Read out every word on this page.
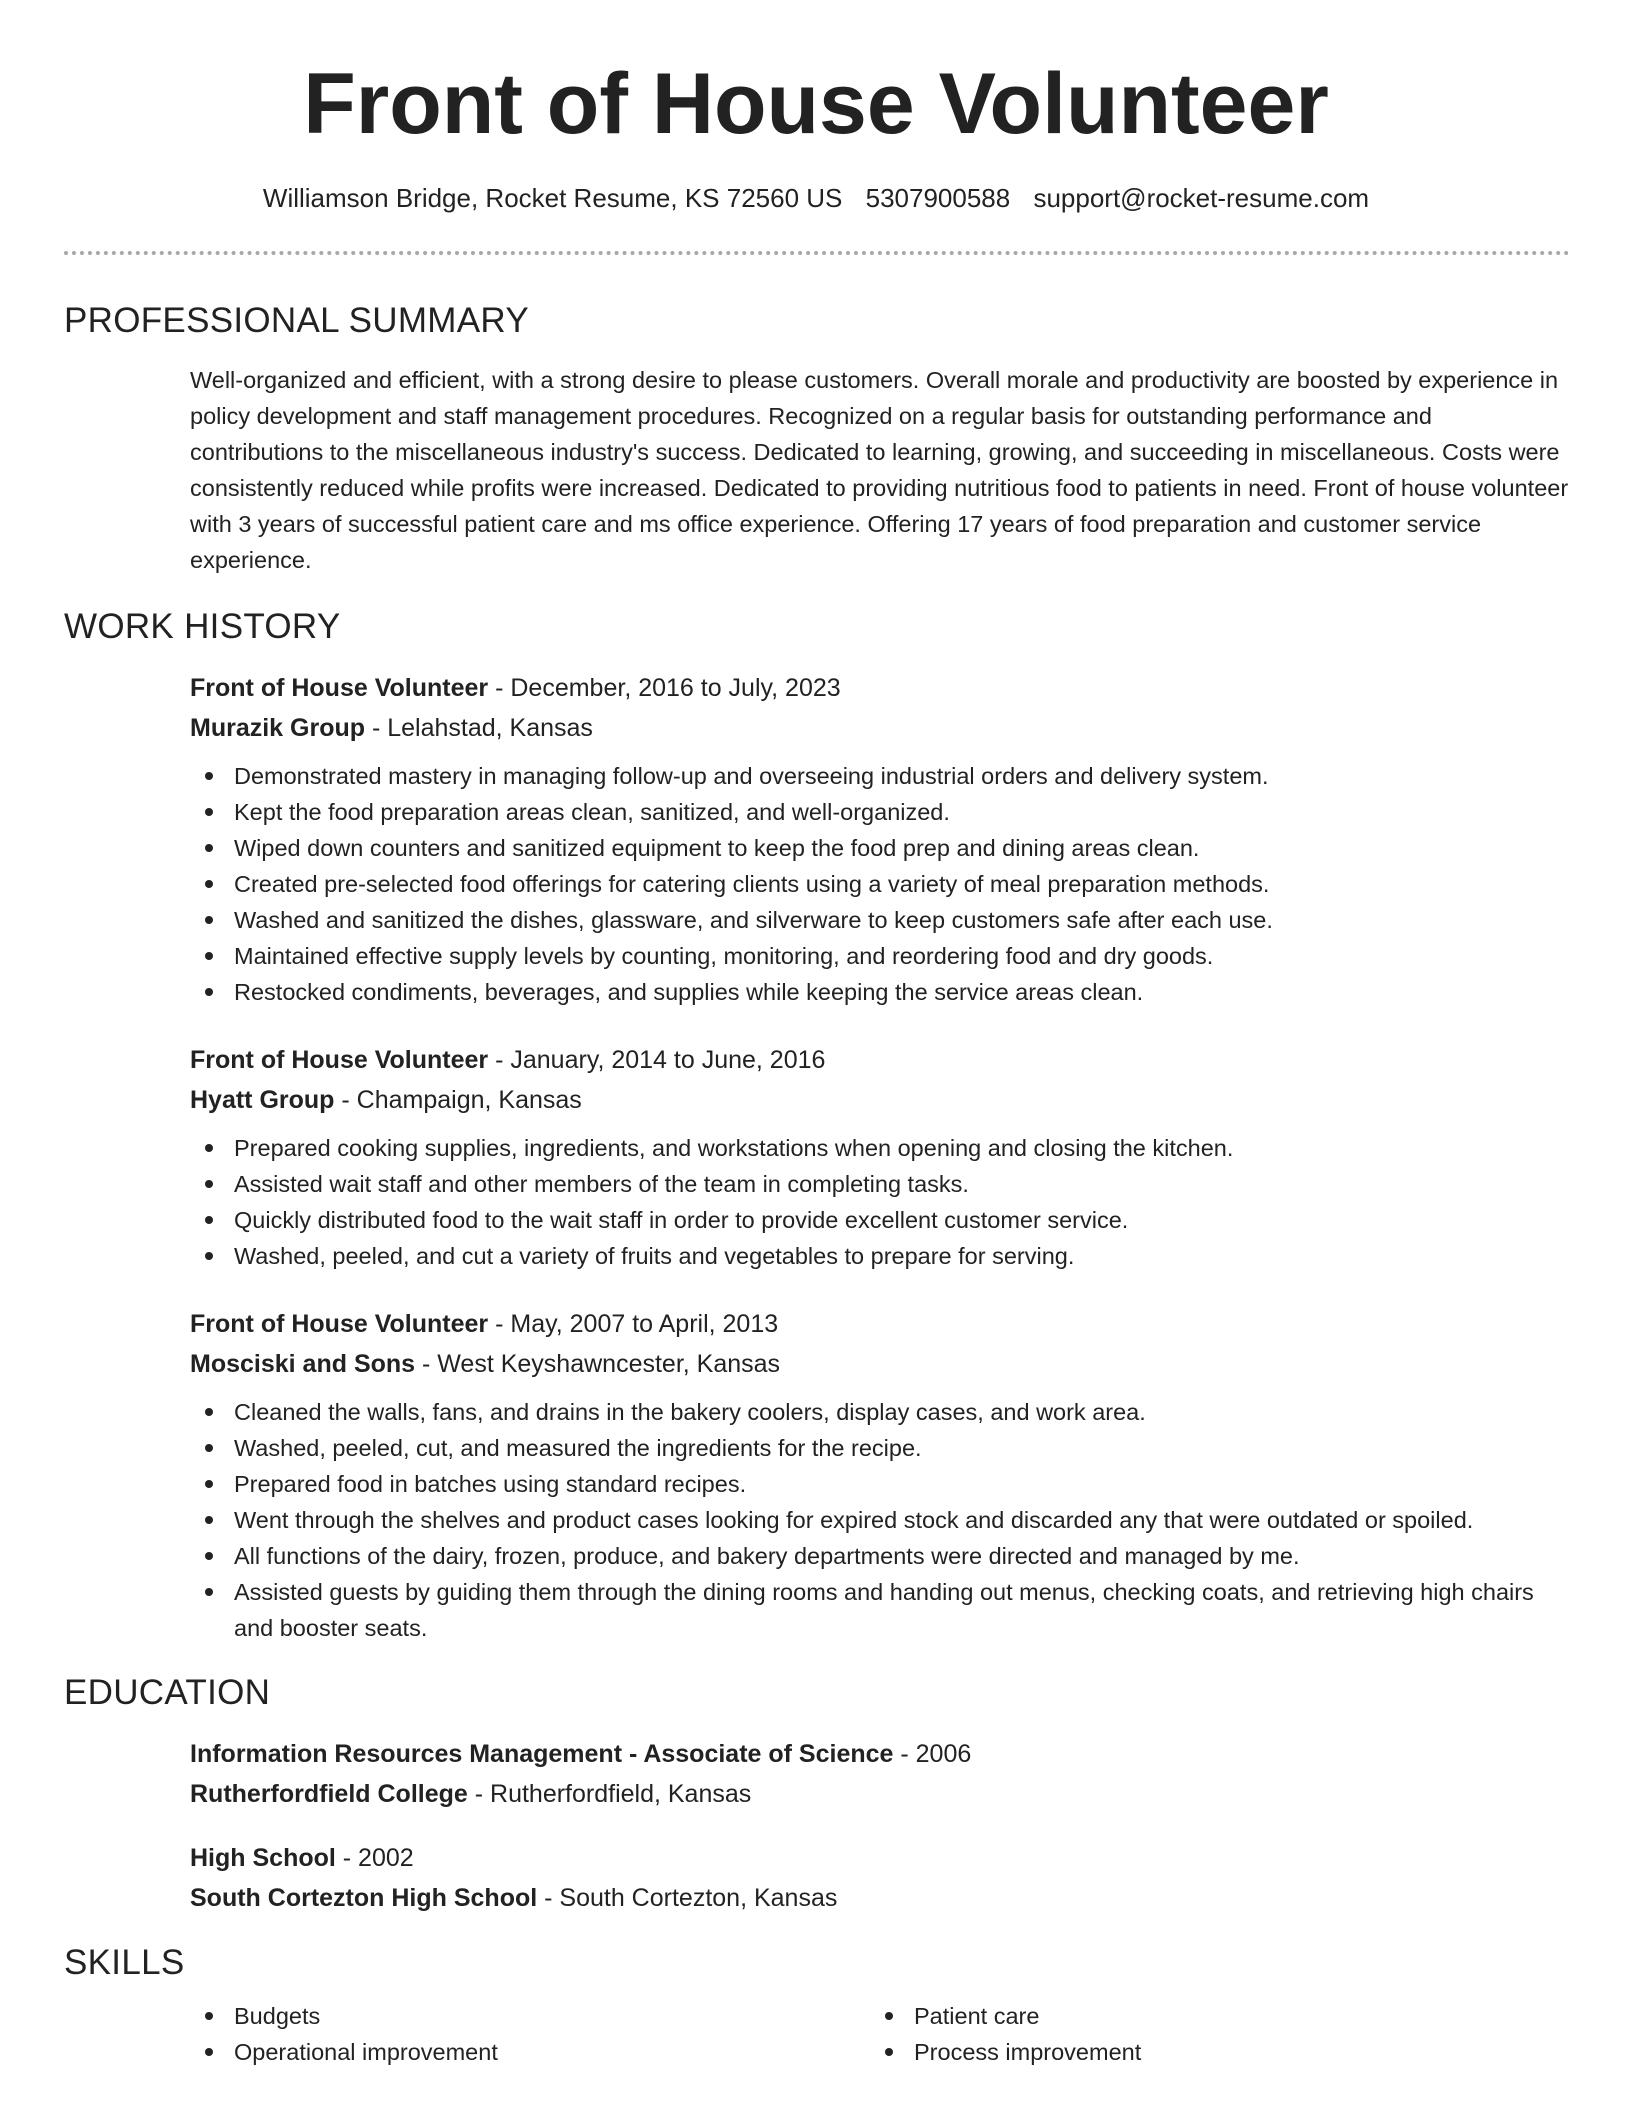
Front of House Volunteer
Williamson Bridge, Rocket Resume, KS 72560 US 5307900588 support@rocket-resume.com
PROFESSIONAL SUMMARY
Well-organized and efficient, with a strong desire to please customers. Overall morale and productivity are boosted by experience in policy development and staff management procedures. Recognized on a regular basis for outstanding performance and contributions to the miscellaneous industry's success. Dedicated to learning, growing, and succeeding in miscellaneous. Costs were consistently reduced while profits were increased. Dedicated to providing nutritious food to patients in need. Front of house volunteer with 3 years of successful patient care and ms office experience. Offering 17 years of food preparation and customer service experience.
WORK HISTORY
Front of House Volunteer - December, 2016 to July, 2023
Murazik Group - Lelahstad, Kansas
Demonstrated mastery in managing follow-up and overseeing industrial orders and delivery system.
Kept the food preparation areas clean, sanitized, and well-organized.
Wiped down counters and sanitized equipment to keep the food prep and dining areas clean.
Created pre-selected food offerings for catering clients using a variety of meal preparation methods.
Washed and sanitized the dishes, glassware, and silverware to keep customers safe after each use.
Maintained effective supply levels by counting, monitoring, and reordering food and dry goods.
Restocked condiments, beverages, and supplies while keeping the service areas clean.
Front of House Volunteer - January, 2014 to June, 2016
Hyatt Group - Champaign, Kansas
Prepared cooking supplies, ingredients, and workstations when opening and closing the kitchen.
Assisted wait staff and other members of the team in completing tasks.
Quickly distributed food to the wait staff in order to provide excellent customer service.
Washed, peeled, and cut a variety of fruits and vegetables to prepare for serving.
Front of House Volunteer - May, 2007 to April, 2013
Mosciski and Sons - West Keyshawncester, Kansas
Cleaned the walls, fans, and drains in the bakery coolers, display cases, and work area.
Washed, peeled, cut, and measured the ingredients for the recipe.
Prepared food in batches using standard recipes.
Went through the shelves and product cases looking for expired stock and discarded any that were outdated or spoiled.
All functions of the dairy, frozen, produce, and bakery departments were directed and managed by me.
Assisted guests by guiding them through the dining rooms and handing out menus, checking coats, and retrieving high chairs and booster seats.
EDUCATION
Information Resources Management - Associate of Science - 2006
Rutherfordfield College - Rutherfordfield, Kansas
High School - 2002
South Cortezton High School - South Cortezton, Kansas
SKILLS
Budgets
Operational improvement
Patient care
Process improvement
